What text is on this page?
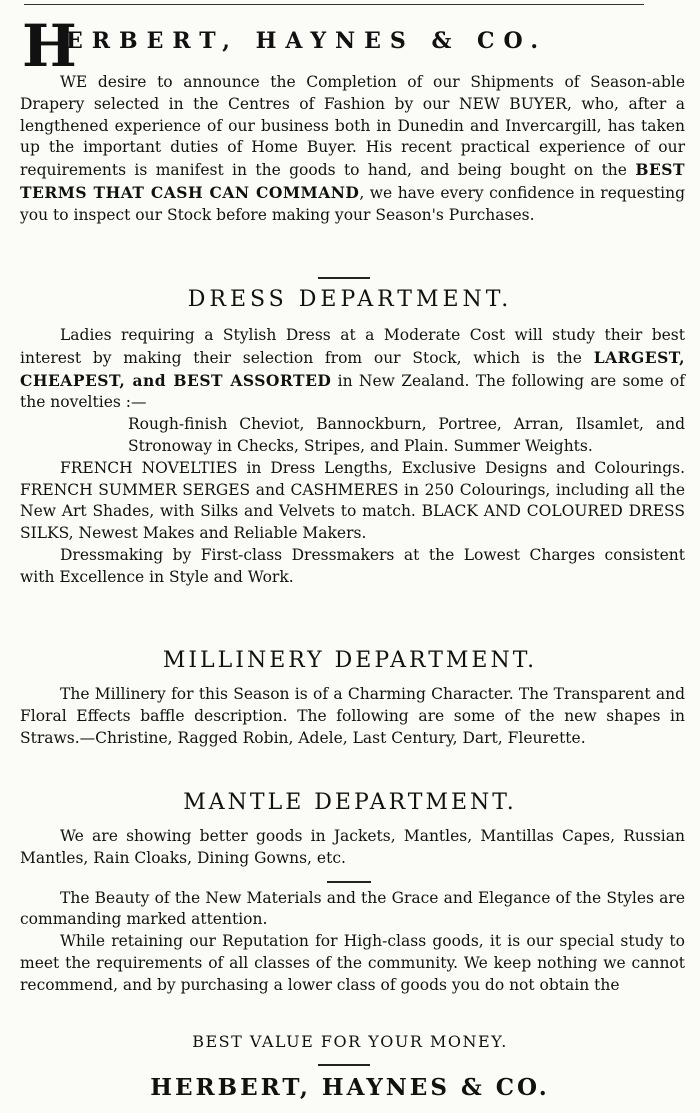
H
ERBERT, HAYNES & CO.

WE desire to announce the Completion of our Shipments of Season-able Drapery selected in the Centres of Fashion by our NEW BUYER, who, after a lengthened experience of our business both in Dunedin and Invercargill, has taken up the important duties of Home Buyer. His recent practical experience of our requirements is manifest in the goods to hand, and being bought on the BEST TERMS THAT CASH CAN COMMAND, we have every confidence in requesting you to inspect our Stock before making your Season's Purchases.

DRESS DEPARTMENT.

Ladies requiring a Stylish Dress at a Moderate Cost will study their best interest by making their selection from our Stock, which is the LARGEST, CHEAPEST, and BEST ASSORTED in New Zealand. The following are some of the novelties :—

Rough-finish Cheviot, Bannockburn, Portree, Arran, Ilsamlet, and Stronoway in Checks, Stripes, and Plain. Summer Weights.

FRENCH NOVELTIES in Dress Lengths, Exclusive Designs and Colourings. FRENCH SUMMER SERGES and CASHMERES in 250 Colourings, including all the New Art Shades, with Silks and Velvets to match. BLACK AND COLOURED DRESS SILKS, Newest Makes and Reliable Makers.

Dressmaking by First-class Dressmakers at the Lowest Charges consistent with Excellence in Style and Work.

MILLINERY DEPARTMENT.

The Millinery for this Season is of a Charming Character. The Transparent and Floral Effects baffle description. The following are some of the new shapes in Straws.—Christine, Ragged Robin, Adele, Last Century, Dart, Fleurette.

MANTLE DEPARTMENT.

We are showing better goods in Jackets, Mantles, Mantillas Capes, Russian Mantles, Rain Cloaks, Dining Gowns, etc.

The Beauty of the New Materials and the Grace and Elegance of the Styles are commanding marked attention.

While retaining our Reputation for High-class goods, it is our special study to meet the requirements of all classes of the community. We keep nothing we cannot recommend, and by purchasing a lower class of goods you do not obtain the

BEST VALUE FOR YOUR MONEY.
HERBERT, HAYNES & CO.
